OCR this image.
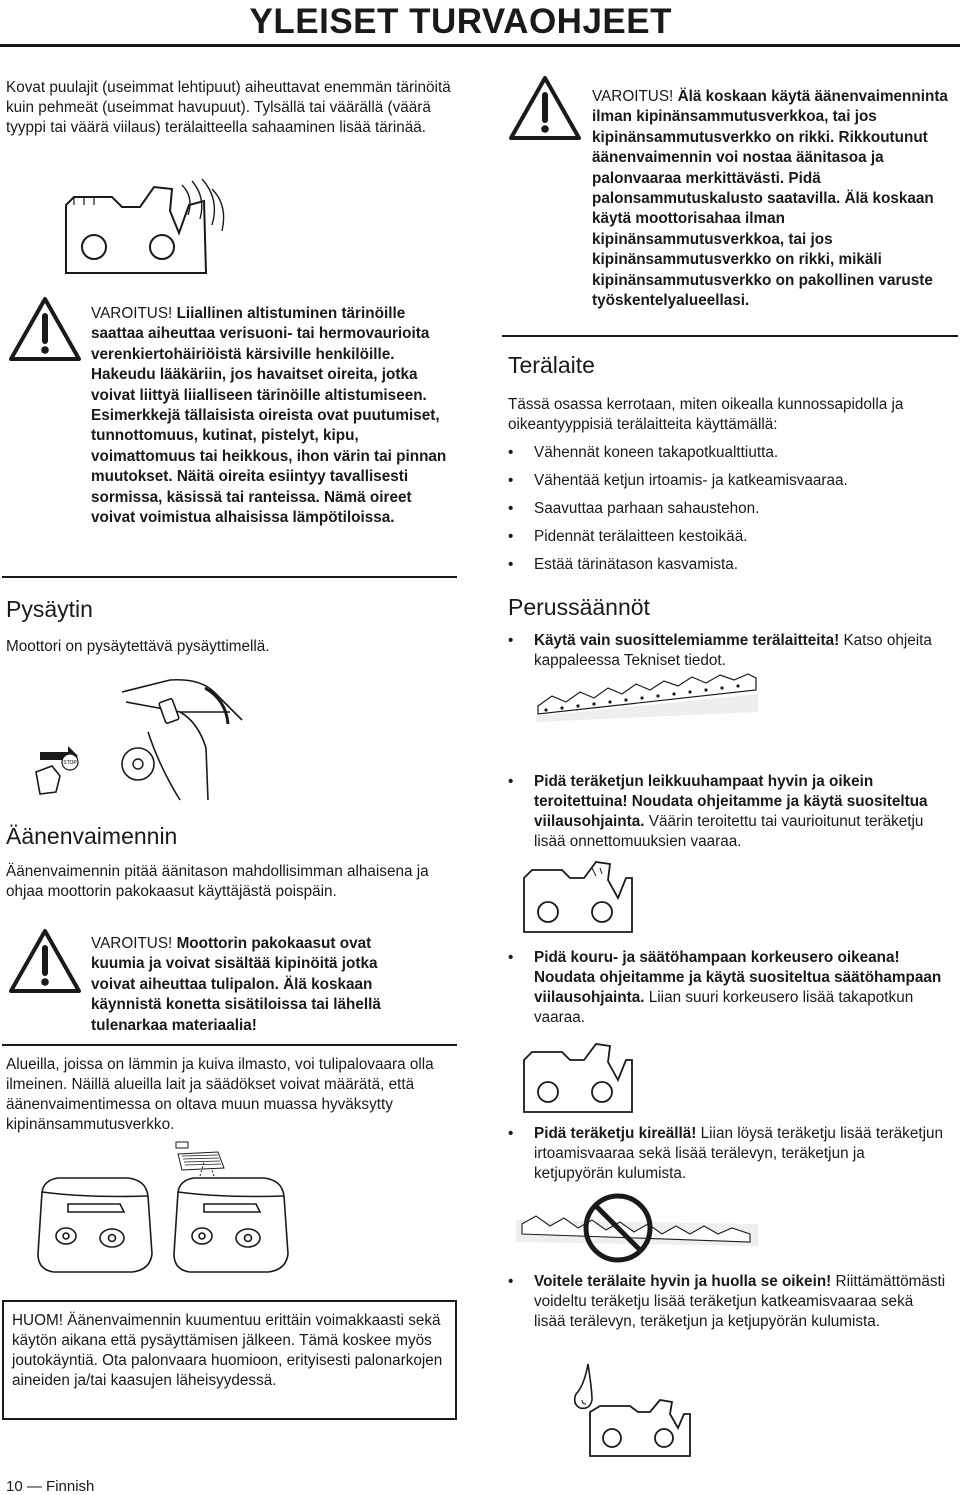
YLEISET TURVAOHJEET

Kovat puulajit (useimmat lehtipuut) aiheuttavat enemmän tärinöitä kuin pehmeät (useimmat havupuut). Tylsällä tai väärällä (väärä tyyppi tai väärä viilaus) terälaitteella sahaaminen lisää tärinää.

VAROITUS! Liiallinen altistuminen tärinöille saattaa aiheuttaa verisuoni- tai hermovaurioita verenkiertohäiriöistä kärsiville henkilöille. Hakeudu lääkäriin, jos havaitset oireita, jotka voivat liittyä liialliseen tärinöille altistumiseen. Esimerkkejä tällaisista oireista ovat puutumiset, tunnottomuus, kutinat, pistelyt, kipu, voimattomuus tai heikkous, ihon värin tai pinnan muutokset. Näitä oireita esiintyy tavallisesti sormissa, käsissä tai ranteissa. Nämä oireet voivat voimistua alhaisissa lämpötiloissa.
Pysäytin

Moottori on pysäytettävä pysäyttimellä.

STOP
Äänenvaimennin

Äänenvaimennin pitää äänitason mahdollisimman alhaisena ja ohjaa moottorin pakokaasut käyttäjästä poispäin.

VAROITUS! Moottorin pakokaasut ovat kuumia ja voivat sisältää kipinöitä jotka voivat aiheuttaa tulipalon. Älä koskaan käynnistä konetta sisätiloissa tai lähellä tulenarkaa materiaalia!

Alueilla, joissa on lämmin ja kuiva ilmasto, voi tulipalovaara olla ilmeinen. Näillä alueilla lait ja säädökset voivat määrätä, että äänenvaimentimessa on oltava muun muassa hyväksytty kipinänsammutusverkko.

HUOM! Äänenvaimennin kuumentuu erittäin voimakkaasti sekä käytön aikana että pysäyttämisen jälkeen. Tämä koskee myös joutokäyntiä. Ota palonvaara huomioon, erityisesti palonarkojen aineiden ja/tai kaasujen läheisyydessä.

10 — Finnish
VAROITUS! Älä koskaan käytä äänenvaimenninta ilman kipinänsammutusverkkoa, tai jos kipinänsammutusverkko on rikki. Rikkoutunut äänenvaimennin voi nostaa äänitasoa ja palonvaaraa merkittävästi. Pidä palonsammutuskalusto saatavilla. Älä koskaan käytä moottorisahaa ilman kipinänsammutusverkkoa, tai jos kipinänsammutusverkko on rikki, mikäli kipinänsammutusverkko on pakollinen varuste työskentelyalueellasi.
Terälaite

Tässä osassa kerrotaan, miten oikealla kunnossapidolla ja oikeantyyppisiä terälaitteita käyttämällä:

• Vähennät koneen takapotkualttiutta.
• Vähentää ketjun irtoamis- ja katkeamisvaaraa.
• Saavuttaa parhaan sahaustehon.
• Pidennät terälaitteen kestoikää.
• Estää tärinätason kasvamista.
Perussäännöt
• Käytä vain suosittelemiamme terälaitteita! Katso ohjeita kappaleessa Tekniset tiedot.
• Pidä teräketjun leikkuuhampaat hyvin ja oikein teroitettuina! Noudata ohjeitamme ja käytä suositeltua viilausohjainta. Väärin teroitettu tai vaurioitunut teräketju lisää onnettomuuksien vaaraa.
• Pidä kouru- ja säätöhampaan korkeusero oikeana! Noudata ohjeitamme ja käytä suositeltua säätöhampaan viilausohjainta. Liian suuri korkeusero lisää takapotkun vaaraa.
• Pidä teräketju kireällä! Liian löysä teräketju lisää teräketjun irtoamisvaaraa sekä lisää terälevyn, teräketjun ja ketjupyörän kulumista.
• Voitele terälaite hyvin ja huolla se oikein! Riittämättömästi voideltu teräketju lisää teräketjun katkeamisvaaraa sekä lisää terälevyn, teräketjun ja ketjupyörän kulumista.
